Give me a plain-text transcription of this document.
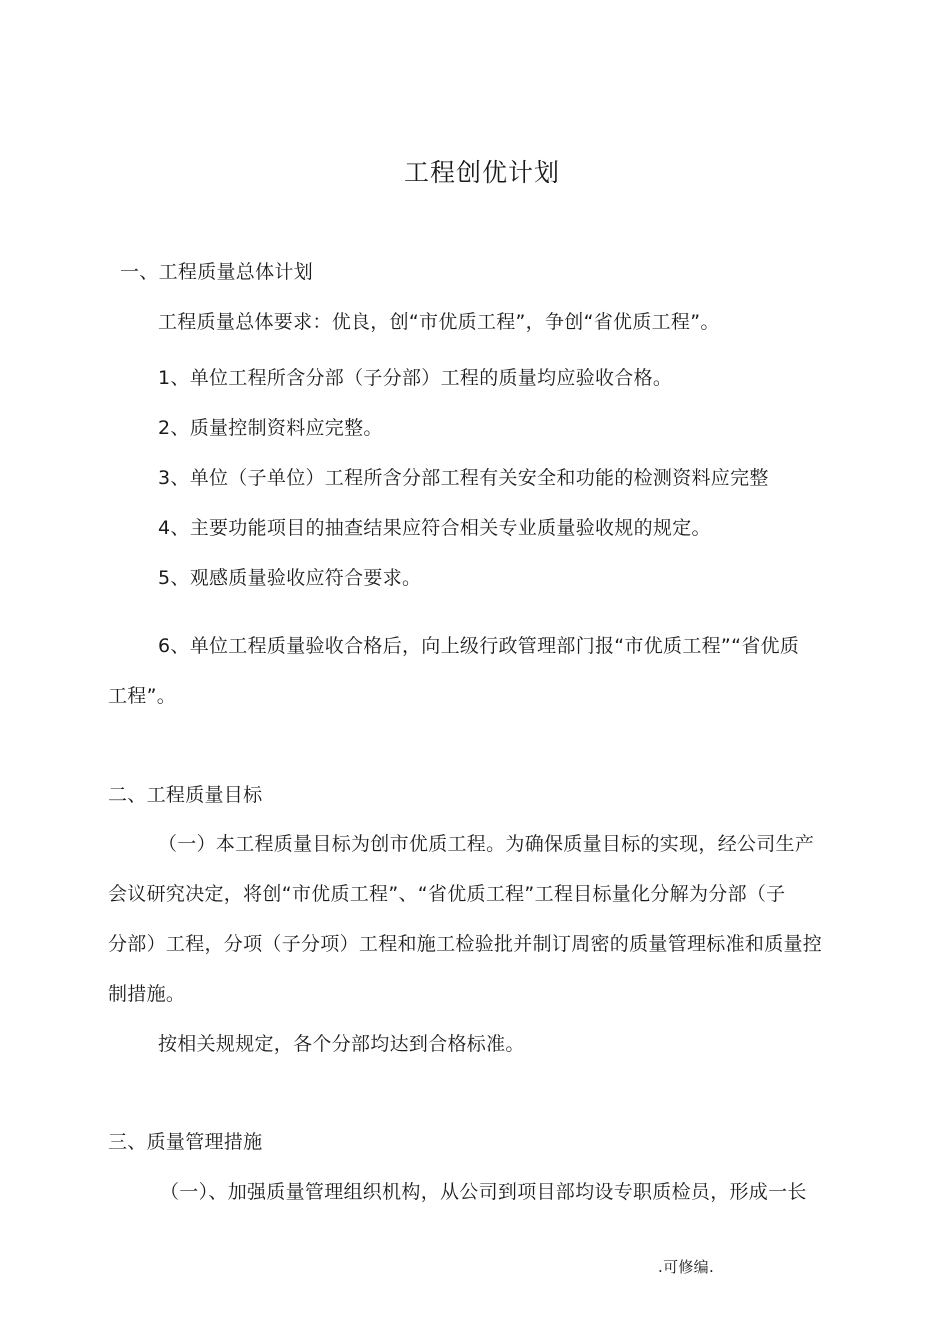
工程创优计划
一、工程质量总体计划
工程质量总体要求：优良，创“市优质工程”，争创“省优质工程”。
1、单位工程所含分部（子分部）工程的质量均应验收合格。
2、质量控制资料应完整。
3、单位（子单位）工程所含分部工程有关安全和功能的检测资料应完整
4、主要功能项目的抽查结果应符合相关专业质量验收规的规定。
5、观感质量验收应符合要求。
6、单位工程质量验收合格后，向上级行政管理部门报“市优质工程”“省优质
工程”。
二、工程质量目标
（一）本工程质量目标为创市优质工程。为确保质量目标的实现，经公司生产
会议研究决定，将创“市优质工程”、“省优质工程”工程目标量化分解为分部（子
分部）工程，分项（子分项）工程和施工检验批并制订周密的质量管理标准和质量控
制措施。
按相关规规定，各个分部均达到合格标准。
三、质量管理措施
（一）、加强质量管理组织机构，从公司到项目部均设专职质检员，形成一长
.可修编.
